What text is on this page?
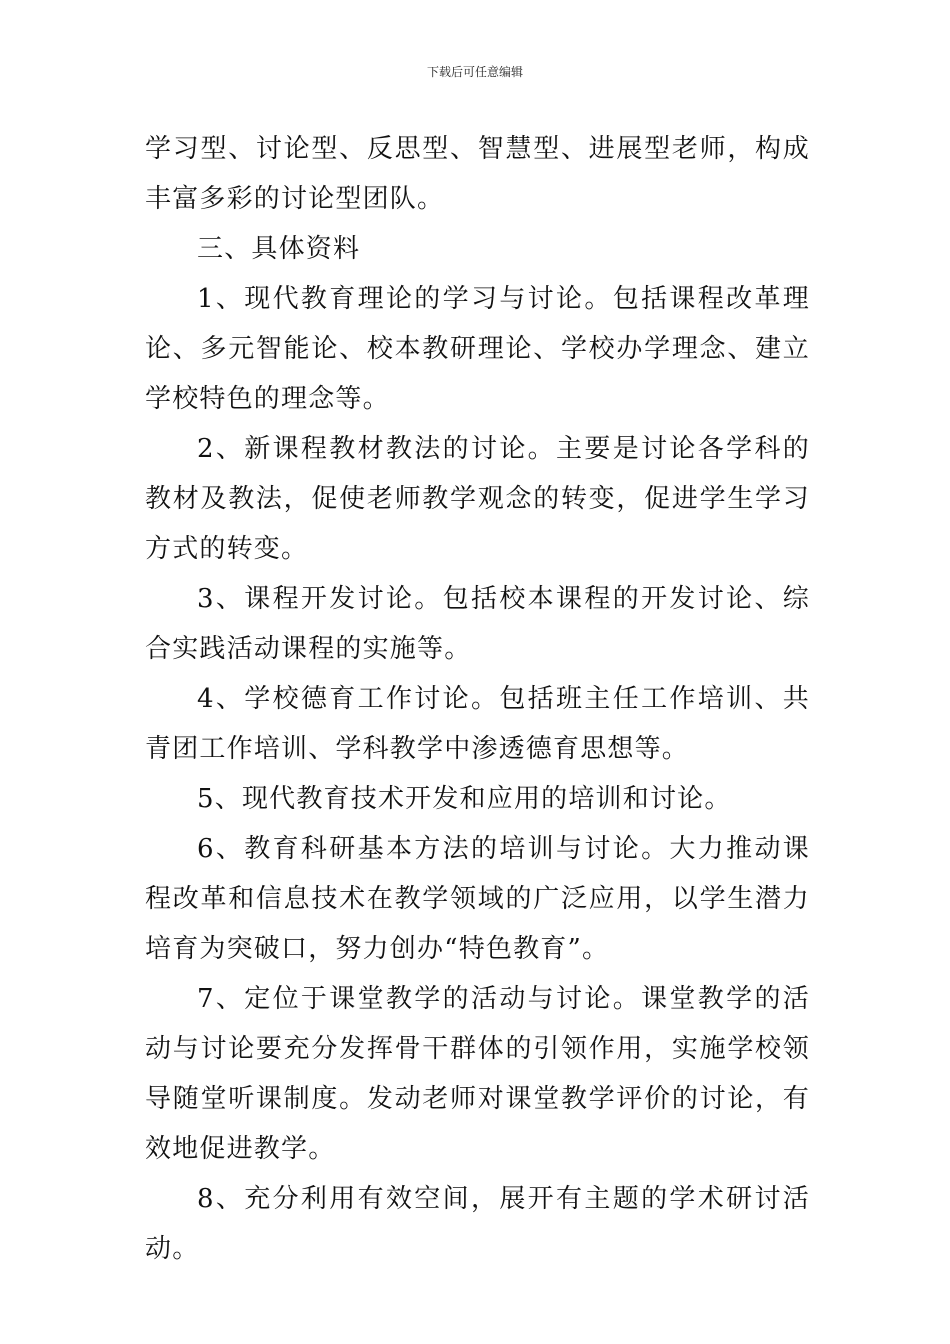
下载后可任意编辑

学习型、讨论型、反思型、智慧型、进展型老师，构成丰富多彩的讨论型团队。

三、具体资料

1、现代教育理论的学习与讨论。包括课程改革理论、多元智能论、校本教研理论、学校办学理念、建立学校特色的理念等。

2、新课程教材教法的讨论。主要是讨论各学科的教材及教法，促使老师教学观念的转变，促进学生学习方式的转变。

3、课程开发讨论。包括校本课程的开发讨论、综合实践活动课程的实施等。

4、学校德育工作讨论。包括班主任工作培训、共青团工作培训、学科教学中渗透德育思想等。

5、现代教育技术开发和应用的培训和讨论。

6、教育科研基本方法的培训与讨论。大力推动课程改革和信息技术在教学领域的广泛应用，以学生潜力培育为突破口，努力创办“特色教育”。

7、定位于课堂教学的活动与讨论。课堂教学的活动与讨论要充分发挥骨干群体的引领作用，实施学校领导随堂听课制度。发动老师对课堂教学评价的讨论，有效地促进教学。

8、充分利用有效空间，展开有主题的学术研讨活动。
